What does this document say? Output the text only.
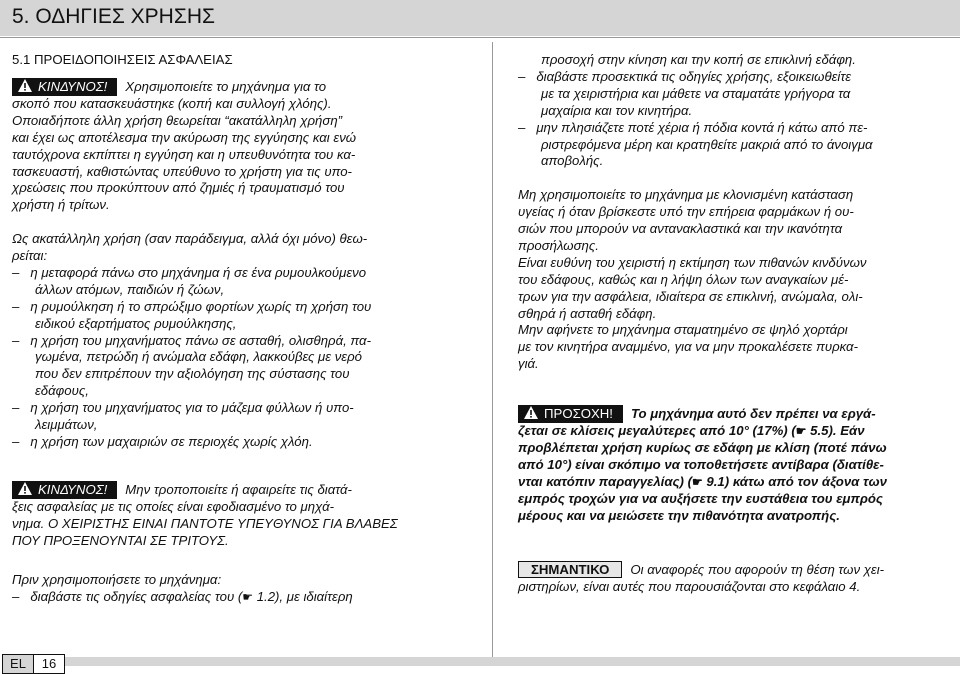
5. ΟΔΗΓΙΕΣ ΧΡΗΣΗΣ

5.1 ΠΡΟΕΙΔΟΠΟΙΗΣΕΙΣ ΑΣΦΑΛΕΙΑΣ

ΚΙΝΔΥΝΟΣ! Χρησιμοποιείτε το μηχάνημα για το
σκοπό που κατασκευάστηκε (κοπή και συλλογή χλόης).
Οποιαδήποτε άλλη χρήση θεωρείται “ακατάλληλη χρήση”
και έχει ως αποτέλεσμα την ακύρωση της εγγύησης και ενώ
ταυτόχρονα εκπίπτει η εγγύηση και η υπευθυνότητα του κα-
τασκευαστή, καθιστώντας υπεύθυνο το χρήστη για τις υπο-
χρεώσεις που προκύπτουν από ζημιές ή τραυματισμό του
χρήστη ή τρίτων.

Ως ακατάλληλη χρήση (σαν παράδειγμα, αλλά όχι μόνο) θεω-
ρείται:

–   η μεταφορά πάνω στο μηχάνημα ή σε ένα ρυμουλκούμενο
άλλων ατόμων, παιδιών ή ζώων,
–   η ρυμούλκηση ή το σπρώξιμο φορτίων χωρίς τη χρήση του
ειδικού εξαρτήματος ρυμούλκησης,
–   η χρήση του μηχανήματος πάνω σε ασταθή, ολισθηρά, πα-
γωμένα, πετρώδη ή ανώμαλα εδάφη, λακκούβες με νερό
που δεν επιτρέπουν την αξιολόγηση της σύστασης του
εδάφους,
–   η χρήση του μηχανήματος για το μάζεμα φύλλων ή υπο-
λειμμάτων,
–   η χρήση των μαχαιριών σε περιοχές χωρίς χλόη.

ΚΙΝΔΥΝΟΣ! Μην τροποποιείτε ή αφαιρείτε τις διατά-
ξεις ασφαλείας με τις οποίες είναι εφοδιασμένο το μηχά-
νημα. Ο ΧΕΙΡΙΣΤΗΣ ΕΙΝΑΙ ΠΑΝΤΟΤΕ ΥΠΕΥΘΥΝΟΣ ΓΙΑ ΒΛΑΒΕΣ
ΠΟΥ ΠΡΟΞΕΝΟΥΝΤΑΙ ΣΕ ΤΡΙΤΟΥΣ.

Πριν χρησιμοποιήσετε το μηχάνημα:

–   διαβάστε τις οδηγίες ασφαλείας του (☛ 1.2), με ιδιαίτερη

προσοχή στην κίνηση και την κοπή σε επικλινή εδάφη.
–   διαβάστε προσεκτικά τις οδηγίες χρήσης, εξοικειωθείτε
με τα χειριστήρια και μάθετε να σταματάτε γρήγορα τα
μαχαίρια και τον κινητήρα.
–   μην πλησιάζετε ποτέ χέρια ή πόδια κοντά ή κάτω από πε-
ριστρεφόμενα μέρη και κρατηθείτε μακριά από το άνοιγμα
αποβολής.

Μη χρησιμοποιείτε το μηχάνημα με κλονισμένη κατάσταση
υγείας ή όταν βρίσκεστε υπό την επήρεια φαρμάκων ή ου-
σιών που μπορούν να αντανακλαστικά και την ικανότητα
προσήλωσης.
Είναι ευθύνη του χειριστή η εκτίμηση των πιθανών κινδύνων
του εδάφους, καθώς και η λήψη όλων των αναγκαίων μέ-
τρων για την ασφάλεια, ιδιαίτερα σε επικλινή, ανώμαλα, ολι-
σθηρά ή ασταθή εδάφη.
Μην αφήνετε το μηχάνημα σταματημένο σε ψηλό χορτάρι
με τον κινητήρα αναμμένο, για να μην προκαλέσετε πυρκα-
γιά.

ΠΡΟΣΟΧΗ! Το μηχάνημα αυτό δεν πρέπει να εργά-
ζεται σε κλίσεις μεγαλύτερες από 10° (17%) (☛ 5.5). Εάν
προβλέπεται χρήση κυρίως σε εδάφη με κλίση (ποτέ πάνω
από 10°) είναι σκόπιμο να τοποθετήσετε αντίβαρα (διατίθε-
νται κατόπιν παραγγελίας) (☛ 9.1) κάτω από τον άξονα των
εμπρός τροχών για να αυξήσετε την ευστάθεια του εμπρός
μέρους και να μειώσετε την πιθανότητα ανατροπής.

ΣΗΜΑΝΤΙΚΟ Οι αναφορές που αφορούν τη θέση των χει-
ριστηρίων, είναι αυτές που παρουσιάζονται στο κεφάλαιο 4.

EL	16
